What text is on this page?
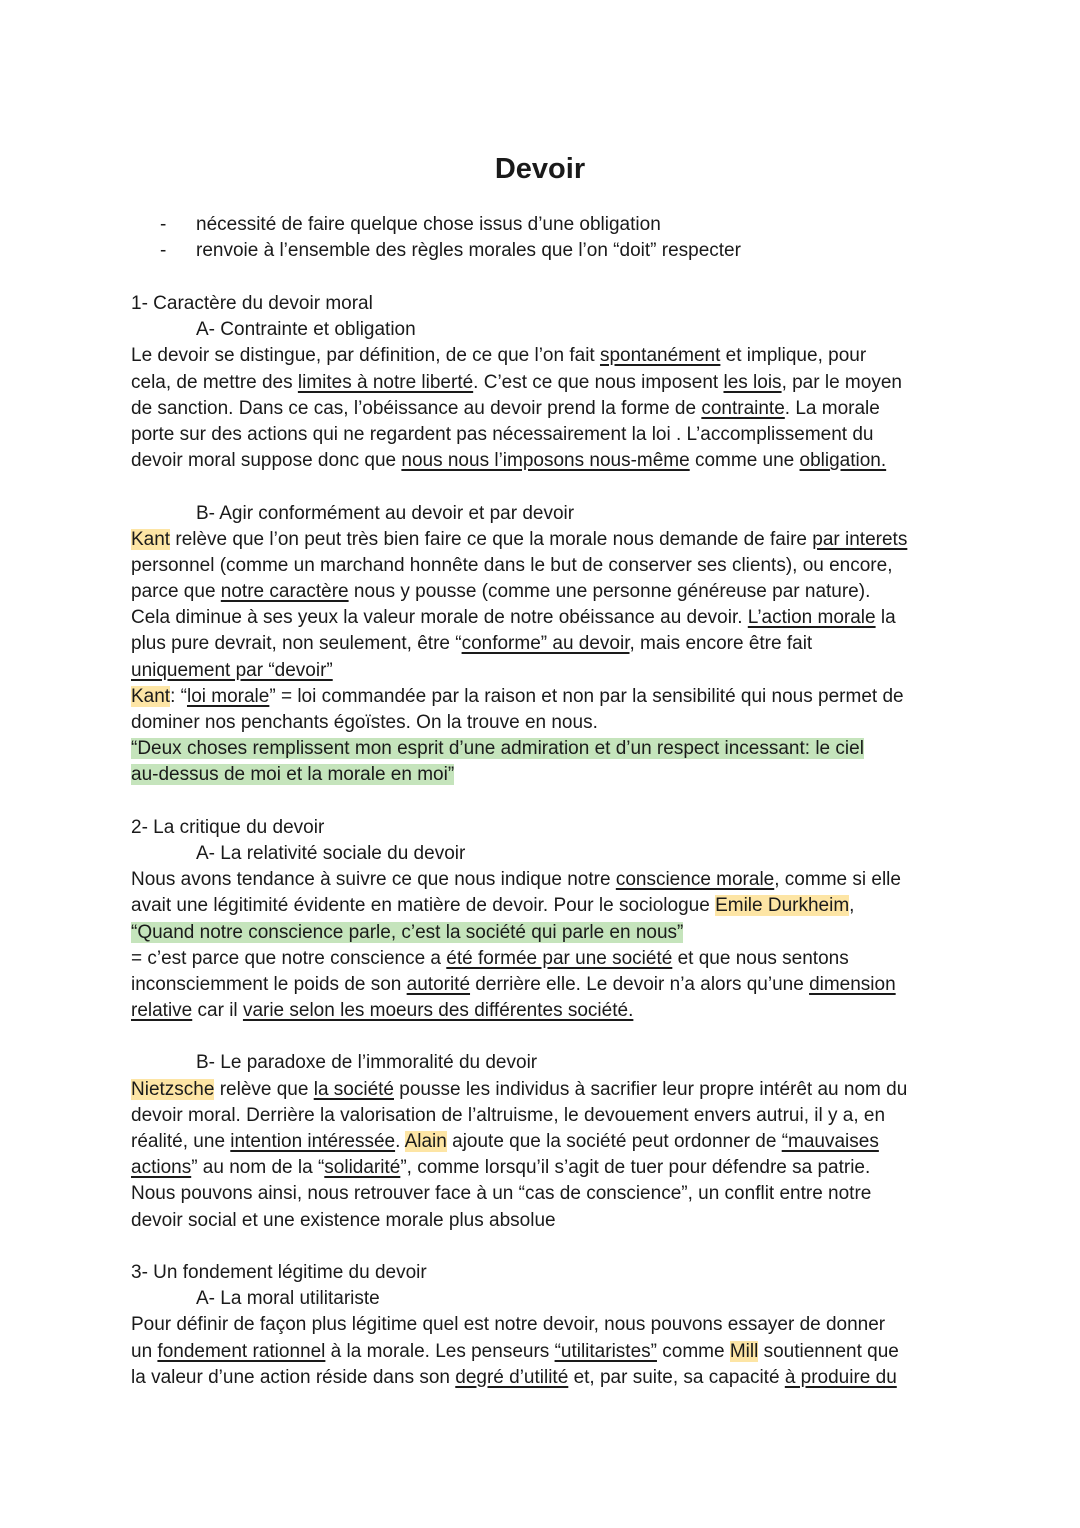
Devoir
- nécessité de faire quelque chose issus d’une obligation
- renvoie à l’ensemble des règles morales que l’on “doit” respecter
1- Caractère du devoir moral
A- Contrainte et obligation
Le devoir se distingue, par définition, de ce que l’on fait spontanément et implique, pour
cela, de mettre des limites à notre liberté. C’est ce que nous imposent les lois, par le moyen
de sanction. Dans ce cas, l’obéissance au devoir prend la forme de contrainte. La morale
porte sur des actions qui ne regardent pas nécessairement la loi . L’accomplissement du
devoir moral suppose donc que nous nous l’imposons nous-même comme une obligation.
B- Agir conformément au devoir et par devoir
Kant relève que l’on peut très bien faire ce que la morale nous demande de faire par interets
personnel (comme un marchand honnête dans le but de conserver ses clients), ou encore,
parce que notre caractère nous y pousse (comme une personne généreuse par nature).
Cela diminue à ses yeux la valeur morale de notre obéissance au devoir. L’action morale la
plus pure devrait, non seulement, être “conforme” au devoir, mais encore être fait
uniquement par “devoir”
Kant: “loi morale” = loi commandée par la raison et non par la sensibilité qui nous permet de
dominer nos penchants égoïstes. On la trouve en nous.
“Deux choses remplissent mon esprit d’une admiration et d’un respect incessant: le ciel
au-dessus de moi et la morale en moi”
2- La critique du devoir
A- La relativité sociale du devoir
Nous avons tendance à suivre ce que nous indique notre conscience morale, comme si elle
avait une légitimité évidente en matière de devoir. Pour le sociologue Emile Durkheim,
“Quand notre conscience parle, c’est la société qui parle en nous”
= c’est parce que notre conscience a été formée par une société et que nous sentons
inconsciemment le poids de son autorité derrière elle. Le devoir n’a alors qu’une dimension
relative car il varie selon les moeurs des différentes société.
B- Le paradoxe de l’immoralité du devoir
Nietzsche relève que la société pousse les individus à sacrifier leur propre intérêt au nom du
devoir moral. Derrière la valorisation de l’altruisme, le devouement envers autrui, il y a, en
réalité, une intention intéressée. Alain ajoute que la société peut ordonner de “mauvaises
actions” au nom de la “solidarité”, comme lorsqu’il s’agit de tuer pour défendre sa patrie.
Nous pouvons ainsi, nous retrouver face à un “cas de conscience”, un conflit entre notre
devoir social et une existence morale plus absolue
3- Un fondement légitime du devoir
A- La moral utilitariste
Pour définir de façon plus légitime quel est notre devoir, nous pouvons essayer de donner
un fondement rationnel à la morale. Les penseurs “utilitaristes” comme Mill soutiennent que
la valeur d’une action réside dans son degré d’utilité et, par suite, sa capacité à produire du
